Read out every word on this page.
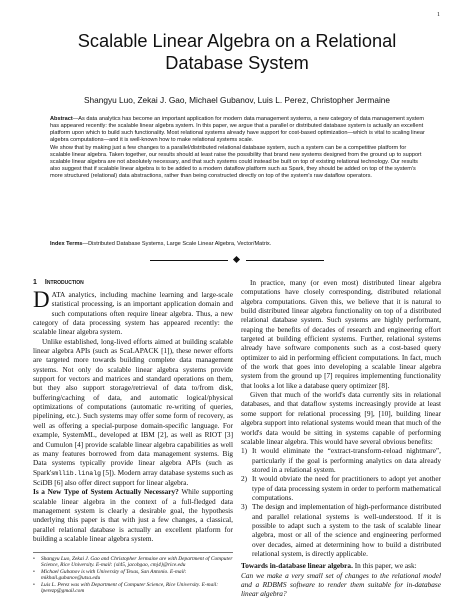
1
Scalable Linear Algebra on a Relational Database System
Shangyu Luo, Zekai J. Gao, Michael Gubanov, Luis L. Perez, Christopher Jermaine

Abstract—As data analytics has become an important application for modern data management systems, a new category of data management system has appeared recently: the scalable linear algebra system. In this paper, we argue that a parallel or distributed database system is actually an excellent platform upon which to build such functionality. Most relational systems already have support for cost-based optimization—which is vital to scaling linear algebra computations—and it is well-known how to make relational systems scale.

We show that by making just a few changes to a parallel/distributed relational database system, such a system can be a competitive platform for scalable linear algebra. Taken together, our results should at least raise the possibility that brand new systems designed from the ground up to support scalable linear algebra are not absolutely necessary, and that such systems could instead be built on top of existing relational technology. Our results also suggest that if scalable linear algebra is to be added to a modern dataflow platform such as Spark, they should be added on top of the system's more structured (relational) data abstractions, rather than being constructed directly on top of the system's raw dataflow operators.

Index Terms—Distributed Database Systems, Large Scale Linear Algebra, Vector/Matrix.
1 Introduction

DATA analytics, including machine learning and large-scale statistical processing, is an important application domain and such computations often require linear algebra. Thus, a new category of data processing system has appeared recently: the scalable linear algebra system.

Unlike established, long-lived efforts aimed at building scalable linear algebra APIs (such as ScaLAPACK [1]), these newer efforts are targeted more towards building complete data management systems. Not only do scalable linear algebra systems provide support for vectors and matrices and standard operations on them, but they also support storage/retrieval of data to/from disk, buffering/caching of data, and automatic logical/physical optimizations of computations (automatic re-writing of queries, pipelining, etc.). Such systems may offer some form of recovery, as well as offering a special-purpose domain-specific language. For example, SystemML, developed at IBM [2], as well as RIOT [3] and Cumulon [4] provide scalable linear algebra capabilities as well as many features borrowed from data management systems. Big Data systems typically provide linear algebra APIs (such as Spark'smllib.linalg [5]). Modern array database systems such as SciDB [6] also offer direct support for linear algebra.

Is a New Type of System Actually Necessary? While supporting scalable linear algebra in the context of a full-fledged data management system is clearly a desirable goal, the hypothesis underlying this paper is that with just a few changes, a classical, parallel relational database is actually an excellent platform for building a scalable linear algebra system.

•	Shangyu Luo, Zekai J. Gao and Christopher Jermaine are with Department of Computer Science, Rice University. E-mail: {sl45, jacobgao, cmj4}@rice.edu
•	Michael Gubanov is with University of Texas, San Antonio. E-mail: mikhail.gubanov@utsa.edu
•	Luis L. Perez was with Department of Computer Science, Rice University. E-mail: lperezp@gmail.com

In practice, many (or even most) distributed linear algebra computations have closely corresponding, distributed relational algebra computations. Given this, we believe that it is natural to build distributed linear algebra functionality on top of a distributed relational database system. Such systems are highly performant, reaping the benefits of decades of research and engineering effort targeted at building efficient systems. Further, relational systems already have software components such as a cost-based query optimizer to aid in performing efficient computations. In fact, much of the work that goes into developing a scalable linear algebra system from the ground up [7] requires implementing functionality that looks a lot like a database query optimizer [8].

Given that much of the world's data currently sits in relational databases, and that dataflow systems increasingly provide at least some support for relational processing [9], [10], building linear algebra support into relational systems would mean that much of the world's data would be sitting in systems capable of performing scalable linear algebra. This would have several obvious benefits:

1) It would eliminate the “extract-transform-reload nightmare”, particularly if the goal is performing analytics on data already stored in a relational system.
2) It would obviate the need for practitioners to adopt yet another type of data processing system in order to perform mathematical computations.
3) The design and implementation of high-performance distributed and parallel relational systems is well-understood. If it is possible to adapt such a system to the task of scalable linear algebra, most or all of the science and engineering performed over decades, aimed at determining how to build a distributed relational system, is directly applicable.

Towards in-database linear algebra. In this paper, we ask:

Can we make a very small set of changes to the relational model and a RDBMS software to render them suitable for in-database linear algebra?
